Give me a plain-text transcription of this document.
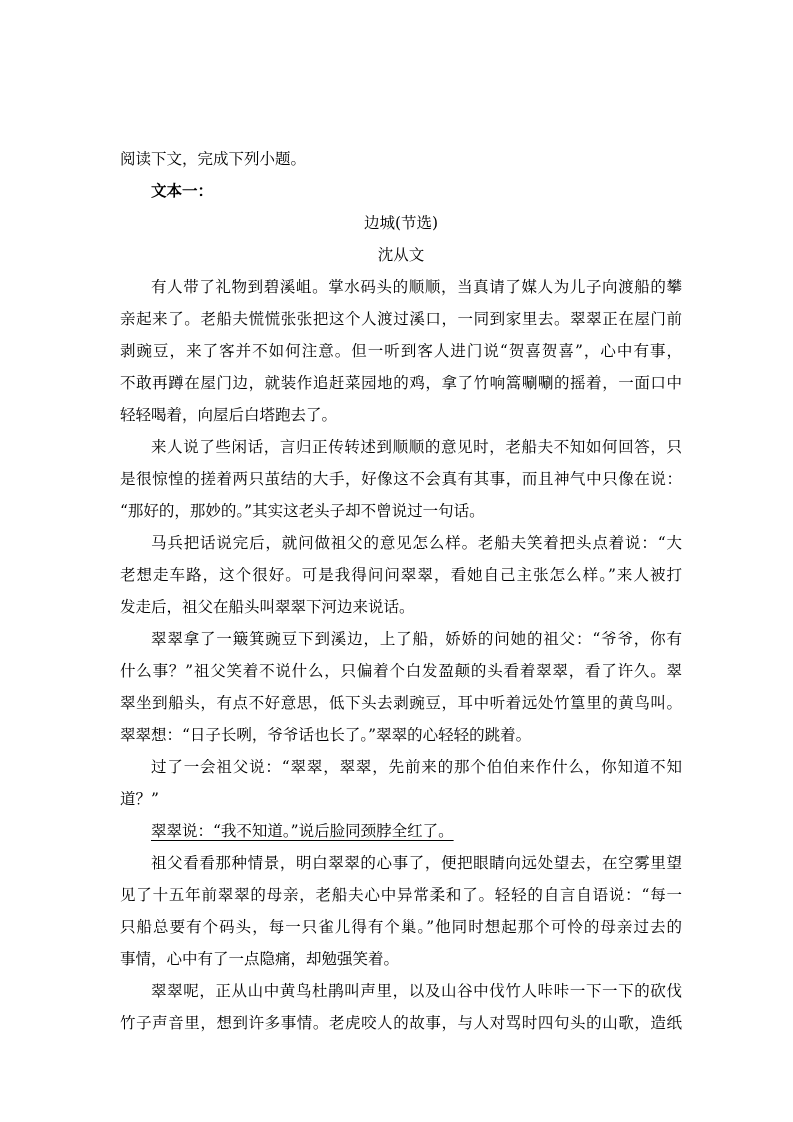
阅读下文，完成下列小题。

文本一：

边城(节选)

沈从文

有人带了礼物到碧溪岨。掌水码头的顺顺，当真请了媒人为儿子向渡船的攀

亲起来了。老船夫慌慌张张把这个人渡过溪口，一同到家里去。翠翠正在屋门前

剥豌豆，来了客并不如何注意。但一听到客人进门说“贺喜贺喜”，心中有事，

不敢再蹲在屋门边，就装作追赶菜园地的鸡，拿了竹响篙唰唰的摇着，一面口中

轻轻喝着，向屋后白塔跑去了。

来人说了些闲话，言归正传转述到顺顺的意见时，老船夫不知如何回答，只

是很惊惶的搓着两只茧结的大手，好像这不会真有其事，而且神气中只像在说：

“那好的，那妙的。”其实这老头子却不曾说过一句话。

马兵把话说完后，就问做祖父的意见怎么样。老船夫笑着把头点着说：“大

老想走车路，这个很好。可是我得问问翠翠，看她自己主张怎么样。”来人被打

发走后，祖父在船头叫翠翠下河边来说话。

翠翠拿了一簸箕豌豆下到溪边，上了船，娇娇的问她的祖父：“爷爷，你有

什么事？”祖父笑着不说什么，只偏着个白发盈颠的头看着翠翠，看了许久。翠

翠坐到船头，有点不好意思，低下头去剥豌豆，耳中听着远处竹篁里的黄鸟叫。

翠翠想：“日子长咧，爷爷话也长了。”翠翠的心轻轻的跳着。

过了一会祖父说：“翠翠，翠翠，先前来的那个伯伯来作什么，你知道不知

道？”

翠翠说：“我不知道。”说后脸同颈脖全红了。

祖父看看那种情景，明白翠翠的心事了，便把眼睛向远处望去，在空雾里望

见了十五年前翠翠的母亲，老船夫心中异常柔和了。轻轻的自言自语说：“每一

只船总要有个码头，每一只雀儿得有个巢。”他同时想起那个可怜的母亲过去的

事情，心中有了一点隐痛，却勉强笑着。

翠翠呢，正从山中黄鸟杜鹃叫声里，以及山谷中伐竹人咔咔一下一下的砍伐

竹子声音里，想到许多事情。老虎咬人的故事，与人对骂时四句头的山歌，造纸
